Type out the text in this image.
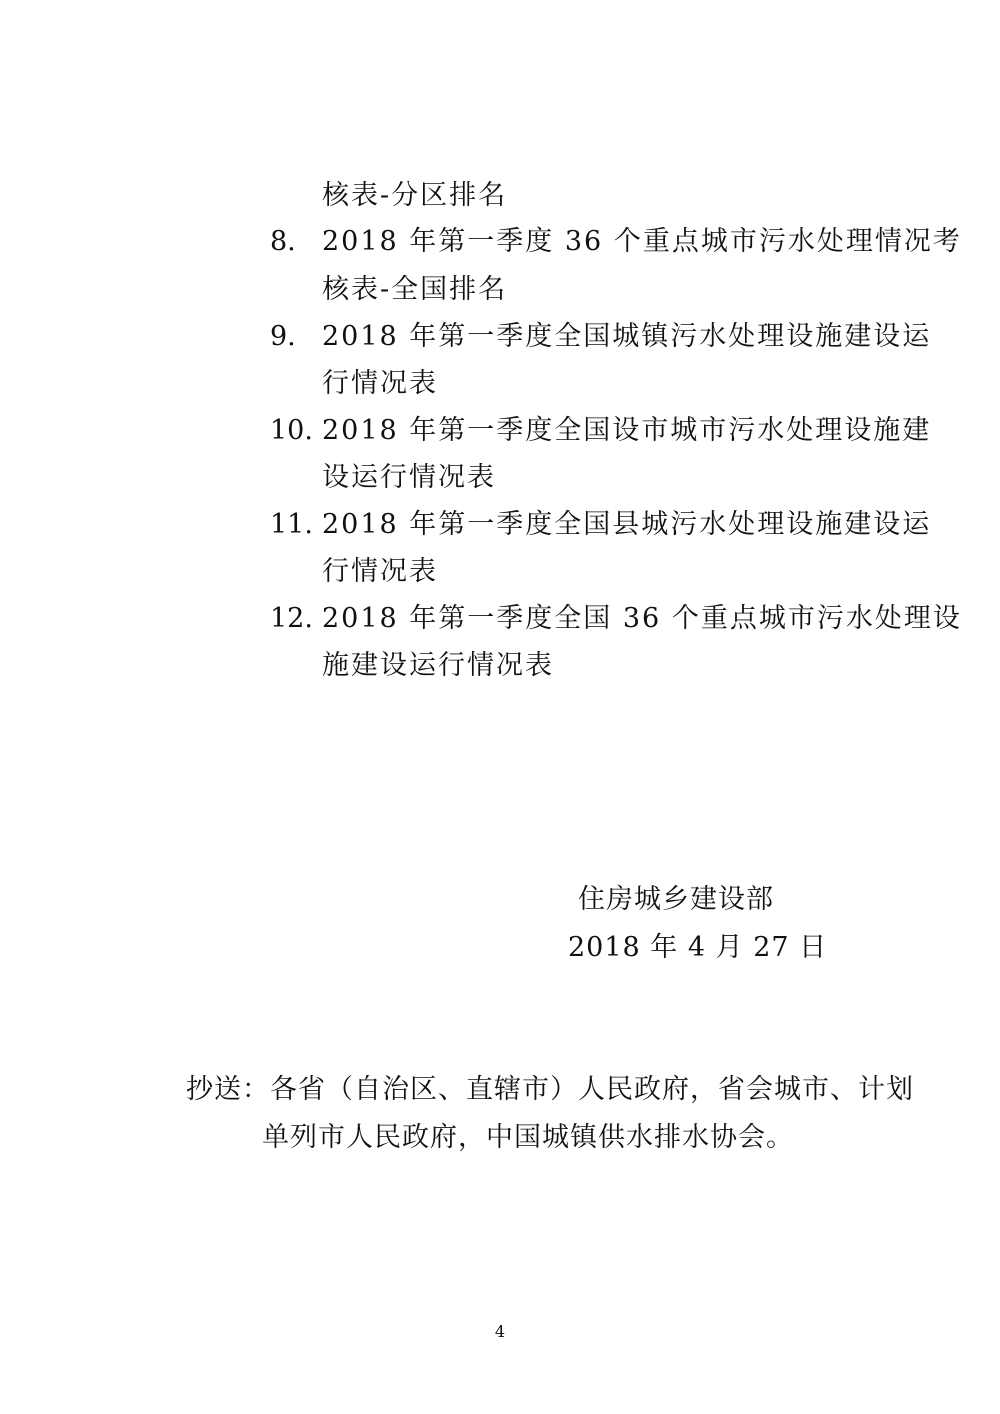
核表-分区排名
8. 2018 年第一季度 36 个重点城市污水处理情况考
核表-全国排名
9. 2018 年第一季度全国城镇污水处理设施建设运
行情况表
10. 2018 年第一季度全国设市城市污水处理设施建
设运行情况表
11. 2018 年第一季度全国县城污水处理设施建设运
行情况表
12. 2018 年第一季度全国 36 个重点城市污水处理设
施建设运行情况表
住房城乡建设部
2018 年 4 月 27 日
抄送：各省（自治区、直辖市）人民政府，省会城市、计划
单列市人民政府，中国城镇供水排水协会。
4
